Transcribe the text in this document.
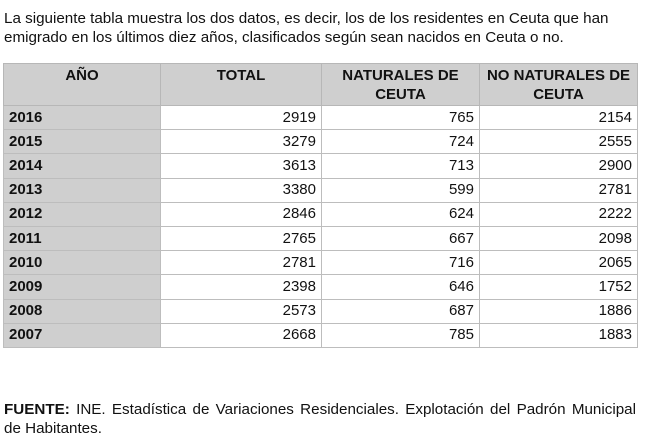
La siguiente tabla muestra los dos datos, es decir, los de los residentes en Ceuta que han emigrado en los últimos diez años, clasificados según sean nacidos en Ceuta o no.

AÑO	TOTAL	NATURALES DE CEUTA	NO NATURALES DE CEUTA
2016	2919	765	2154
2015	3279	724	2555
2014	3613	713	2900
2013	3380	599	2781
2012	2846	624	2222
2011	2765	667	2098
2010	2781	716	2065
2009	2398	646	1752
2008	2573	687	1886
2007	2668	785	1883

FUENTE: INE. Estadística de Variaciones Residenciales. Explotación del Padrón Municipal de Habitantes.
